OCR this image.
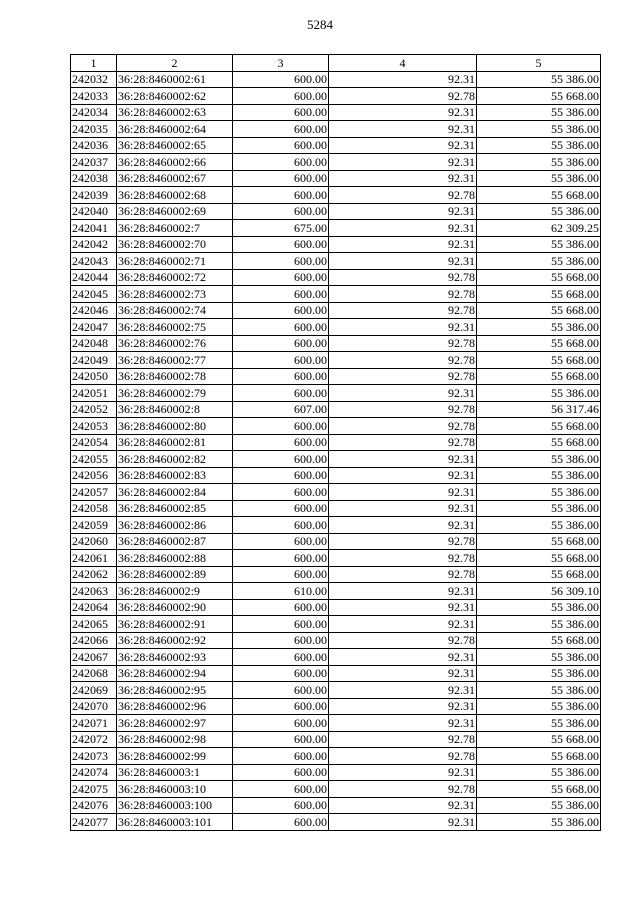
5284
1	2	3	4	5
242032	36:28:8460002:61	600.00	92.31	55 386.00
242033	36:28:8460002:62	600.00	92.78	55 668.00
242034	36:28:8460002:63	600.00	92.31	55 386.00
242035	36:28:8460002:64	600.00	92.31	55 386.00
242036	36:28:8460002:65	600.00	92.31	55 386.00
242037	36:28:8460002:66	600.00	92.31	55 386.00
242038	36:28:8460002:67	600.00	92.31	55 386.00
242039	36:28:8460002:68	600.00	92.78	55 668.00
242040	36:28:8460002:69	600.00	92.31	55 386.00
242041	36:28:8460002:7	675.00	92.31	62 309.25
242042	36:28:8460002:70	600.00	92.31	55 386.00
242043	36:28:8460002:71	600.00	92.31	55 386.00
242044	36:28:8460002:72	600.00	92.78	55 668.00
242045	36:28:8460002:73	600.00	92.78	55 668.00
242046	36:28:8460002:74	600.00	92.78	55 668.00
242047	36:28:8460002:75	600.00	92.31	55 386.00
242048	36:28:8460002:76	600.00	92.78	55 668.00
242049	36:28:8460002:77	600.00	92.78	55 668.00
242050	36:28:8460002:78	600.00	92.78	55 668.00
242051	36:28:8460002:79	600.00	92.31	55 386.00
242052	36:28:8460002:8	607.00	92.78	56 317.46
242053	36:28:8460002:80	600.00	92.78	55 668.00
242054	36:28:8460002:81	600.00	92.78	55 668.00
242055	36:28:8460002:82	600.00	92.31	55 386.00
242056	36:28:8460002:83	600.00	92.31	55 386.00
242057	36:28:8460002:84	600.00	92.31	55 386.00
242058	36:28:8460002:85	600.00	92.31	55 386.00
242059	36:28:8460002:86	600.00	92.31	55 386.00
242060	36:28:8460002:87	600.00	92.78	55 668.00
242061	36:28:8460002:88	600.00	92.78	55 668.00
242062	36:28:8460002:89	600.00	92.78	55 668.00
242063	36:28:8460002:9	610.00	92.31	56 309.10
242064	36:28:8460002:90	600.00	92.31	55 386.00
242065	36:28:8460002:91	600.00	92.31	55 386.00
242066	36:28:8460002:92	600.00	92.78	55 668.00
242067	36:28:8460002:93	600.00	92.31	55 386.00
242068	36:28:8460002:94	600.00	92.31	55 386.00
242069	36:28:8460002:95	600.00	92.31	55 386.00
242070	36:28:8460002:96	600.00	92.31	55 386.00
242071	36:28:8460002:97	600.00	92.31	55 386.00
242072	36:28:8460002:98	600.00	92.78	55 668.00
242073	36:28:8460002:99	600.00	92.78	55 668.00
242074	36:28:8460003:1	600.00	92.31	55 386.00
242075	36:28:8460003:10	600.00	92.78	55 668.00
242076	36:28:8460003:100	600.00	92.31	55 386.00
242077	36:28:8460003:101	600.00	92.31	55 386.00
